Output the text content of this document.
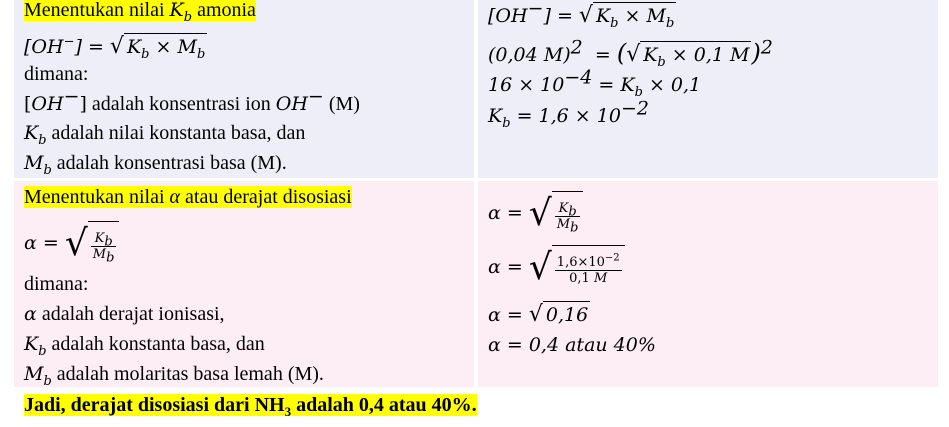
Menentukan nilai $K_b$ amonia
[OH−] = √ $K_b \times M_b$
dimana:
[OH−] adalah konsentrasi ion OH− (M)
$K_b$ adalah nilai konstanta basa, dan
$M_b$ adalah konsentrasi basa (M).
[OH−] = √ $K_b \times M_b$
(0,04 M)$^2$  = (√ $K_b \times 0,1$ M)$^2$
$16 \times 10^{-4} = K_b \times 0,1$
$K_b = 1,6 \times 10^{-2}$
Menentukan nilai α atau derajat disosiasi
α = √ $\frac{K_b}{M_b}$
dimana:
α adalah derajat ionisasi,
$K_b$ adalah konstanta basa, dan
$M_b$ adalah molaritas basa lemah (M).
α = √ $\frac{K_b}{M_b}$
α = √ $\frac{1,6\times 10^{-2}}{0,1 M}$
α = √ 0,16
α = 0,4 atau 40%
Jadi, derajat disosiasi dari $NH_3$ adalah 0,4 atau 40%.
